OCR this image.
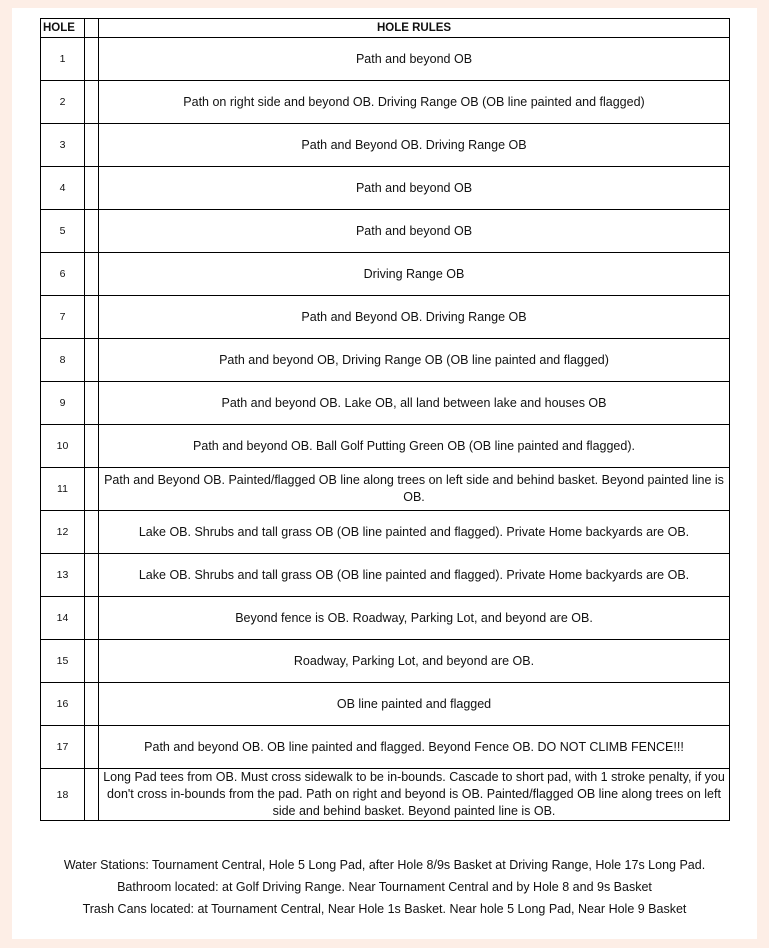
HOLE		HOLE RULES
1		Path and beyond OB
2		Path on right side and beyond OB. Driving Range OB (OB line painted and flagged)
3		Path and Beyond OB. Driving Range OB
4		Path and beyond OB
5		Path and beyond OB
6		Driving Range OB
7		Path and Beyond OB. Driving Range OB
8		Path and beyond OB, Driving Range OB (OB line painted and flagged)
9		Path and beyond OB. Lake OB, all land between lake and houses OB
10		Path and beyond OB. Ball Golf Putting Green OB (OB line painted and flagged).
11		Path and Beyond OB. Painted/flagged OB line along trees on left side and behind basket. Beyond painted line is OB.
12		Lake OB. Shrubs and tall grass OB (OB line painted and flagged). Private Home backyards are OB.
13		Lake OB. Shrubs and tall grass OB (OB line painted and flagged). Private Home backyards are OB.
14		Beyond fence is OB. Roadway, Parking Lot, and beyond are OB.
15		Roadway, Parking Lot, and beyond are OB.
16		OB line painted and flagged
17		Path and beyond OB. OB line painted and flagged. Beyond Fence OB. DO NOT CLIMB FENCE!!!
18		Long Pad tees from OB. Must cross sidewalk to be in-bounds. Cascade to short pad, with 1 stroke penalty, if you don't cross in-bounds from the pad. Path on right and beyond is OB. Painted/flagged OB line along trees on left side and behind basket. Beyond painted line is OB.
Water Stations: Tournament Central, Hole 5 Long Pad, after Hole 8/9s Basket at Driving Range, Hole 17s Long Pad.
Bathroom located: at Golf Driving Range. Near Tournament Central and by Hole 8 and 9s Basket
Trash Cans located: at Tournament Central, Near Hole 1s Basket. Near hole 5 Long Pad, Near Hole 9 Basket
